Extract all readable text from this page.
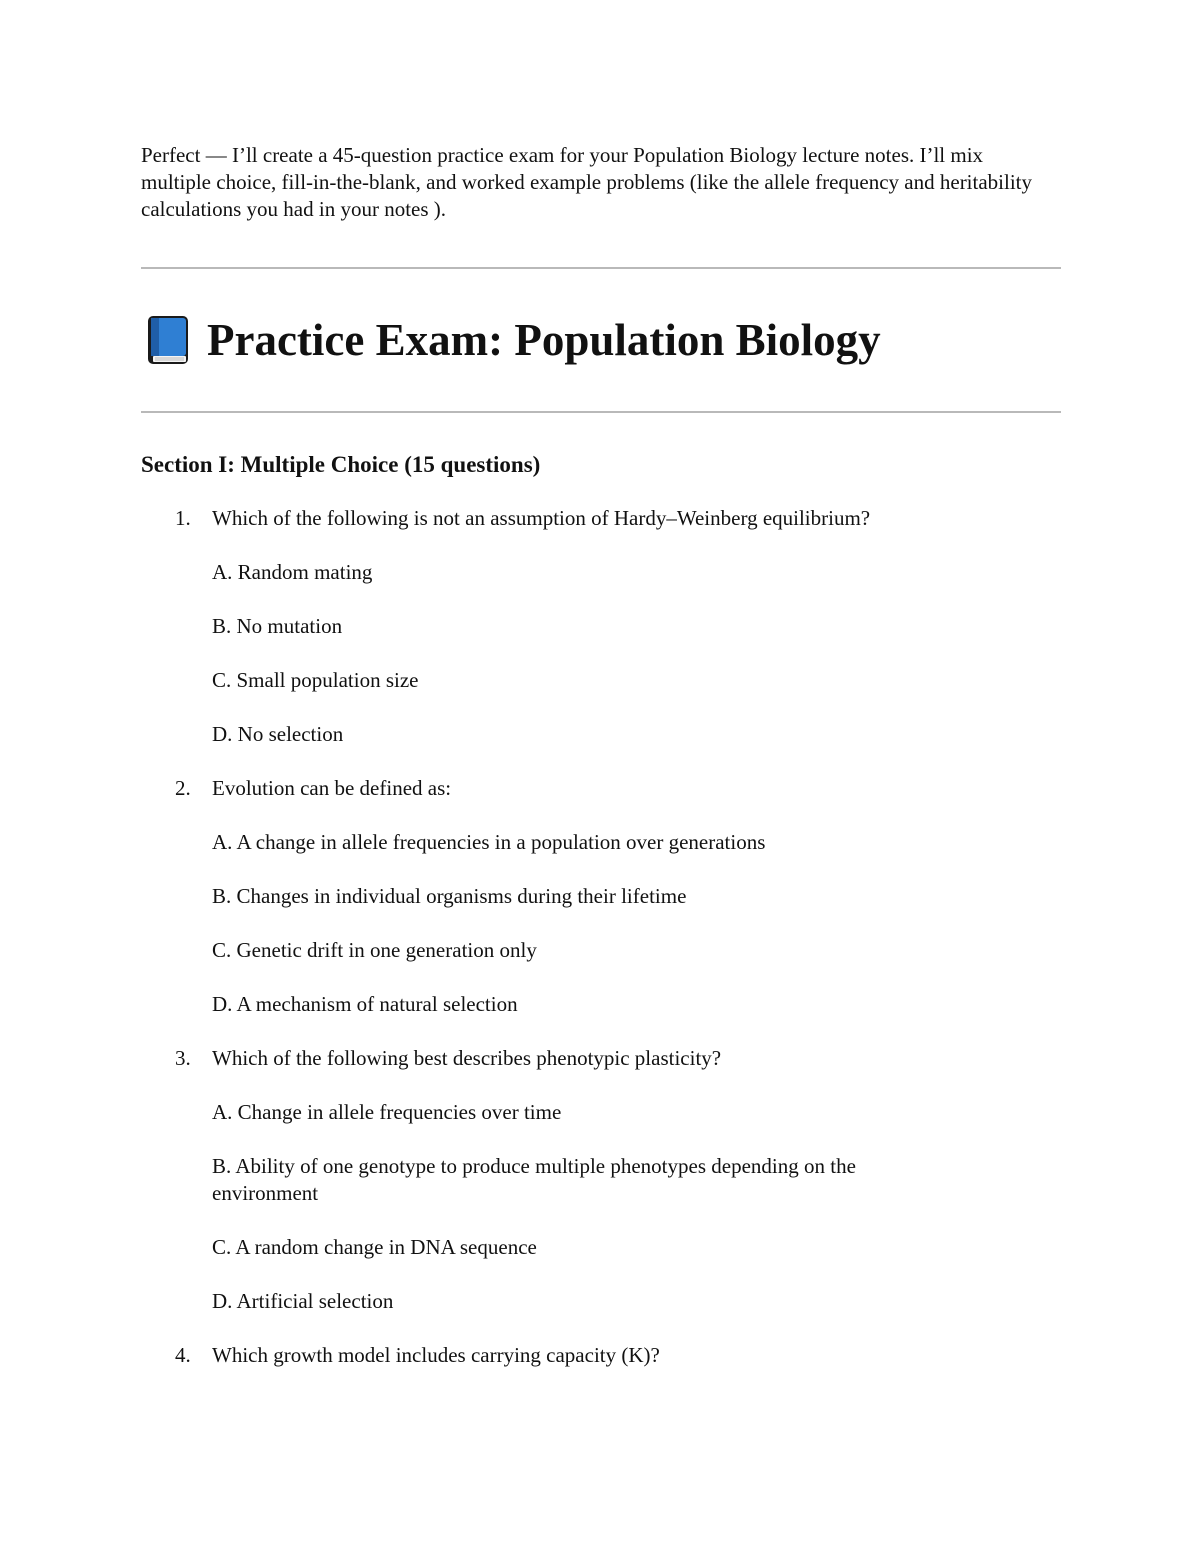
Perfect — I’ll create a 45-question practice exam for your Population Biology lecture notes. I’ll mix multiple choice, fill-in-the-blank, and worked example problems (like the allele frequency and heritability calculations you had in your notes ).

Practice Exam: Population Biology
Section I: Multiple Choice (15 questions)
1. Which of the following is not an assumption of Hardy–Weinberg equilibrium?
A. Random mating
B. No mutation
C. Small population size
D. No selection
2. Evolution can be defined as:
A. A change in allele frequencies in a population over generations
B. Changes in individual organisms during their lifetime
C. Genetic drift in one generation only
D. A mechanism of natural selection
3. Which of the following best describes phenotypic plasticity?
A. Change in allele frequencies over time
B. Ability of one genotype to produce multiple phenotypes depending on the environment
C. A random change in DNA sequence
D. Artificial selection
4. Which growth model includes carrying capacity (K)?
